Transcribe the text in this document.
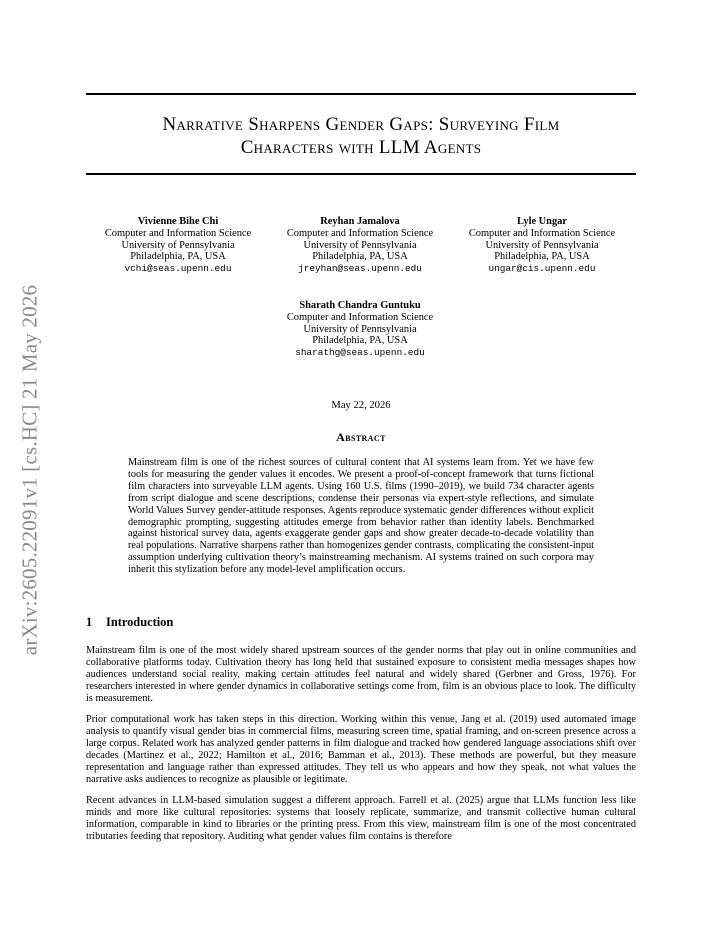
arXiv:2605.22091v1 [cs.HC] 21 May 2026
Narrative Sharpens Gender Gaps: Surveying Film
Characters with LLM Agents
Vivienne Bihe Chi
Computer and Information Science
University of Pennsylvania
Philadelphia, PA, USA
vchi@seas.upenn.edu
Reyhan Jamalova
Computer and Information Science
University of Pennsylvania
Philadelphia, PA, USA
jreyhan@seas.upenn.edu
Lyle Ungar
Computer and Information Science
University of Pennsylvania
Philadelphia, PA, USA
ungar@cis.upenn.edu
Sharath Chandra Guntuku
Computer and Information Science
University of Pennsylvania
Philadelphia, PA, USA
sharathg@seas.upenn.edu
May 22, 2026
Abstract
Mainstream film is one of the richest sources of cultural content that AI systems learn from. Yet we have few tools for measuring the gender values it encodes. We present a proof-of-concept framework that turns fictional film characters into surveyable LLM agents. Using 160 U.S. films (1990–2019), we build 734 character agents from script dialogue and scene descriptions, condense their personas via expert-style reflections, and simulate World Values Survey gender-attitude responses. Agents reproduce systematic gender differences without explicit demographic prompting, suggesting attitudes emerge from behavior rather than identity labels. Benchmarked against historical survey data, agents exaggerate gender gaps and show greater decade-to-decade volatility than real populations. Narrative sharpens rather than homogenizes gender contrasts, complicating the consistent-input assumption underlying cultivation theory’s mainstreaming mechanism. AI systems trained on such corpora may inherit this stylization before any model-level amplification occurs.
1 Introduction

Mainstream film is one of the most widely shared upstream sources of the gender norms that play out in online communities and collaborative platforms today. Cultivation theory has long held that sustained exposure to consistent media messages shapes how audiences understand social reality, making certain attitudes feel natural and widely shared (Gerbner and Gross, 1976). For researchers interested in where gender dynamics in collaborative settings come from, film is an obvious place to look. The difficulty is measurement.

Prior computational work has taken steps in this direction. Working within this venue, Jang et al. (2019) used automated image analysis to quantify visual gender bias in commercial films, measuring screen time, spatial framing, and on-screen presence across a large corpus. Related work has analyzed gender patterns in film dialogue and tracked how gendered language associations shift over decades (Martinez et al., 2022; Hamilton et al., 2016; Bamman et al., 2013). These methods are powerful, but they measure representation and language rather than expressed attitudes. They tell us who appears and how they speak, not what values the narrative asks audiences to recognize as plausible or legitimate.

Recent advances in LLM-based simulation suggest a different approach. Farrell et al. (2025) argue that LLMs function less like minds and more like cultural repositories: systems that loosely replicate, summarize, and transmit collective human cultural information, comparable in kind to libraries or the printing press. From this view, mainstream film is one of the most concentrated tributaries feeding that repository. Auditing what gender values film contains is therefore
